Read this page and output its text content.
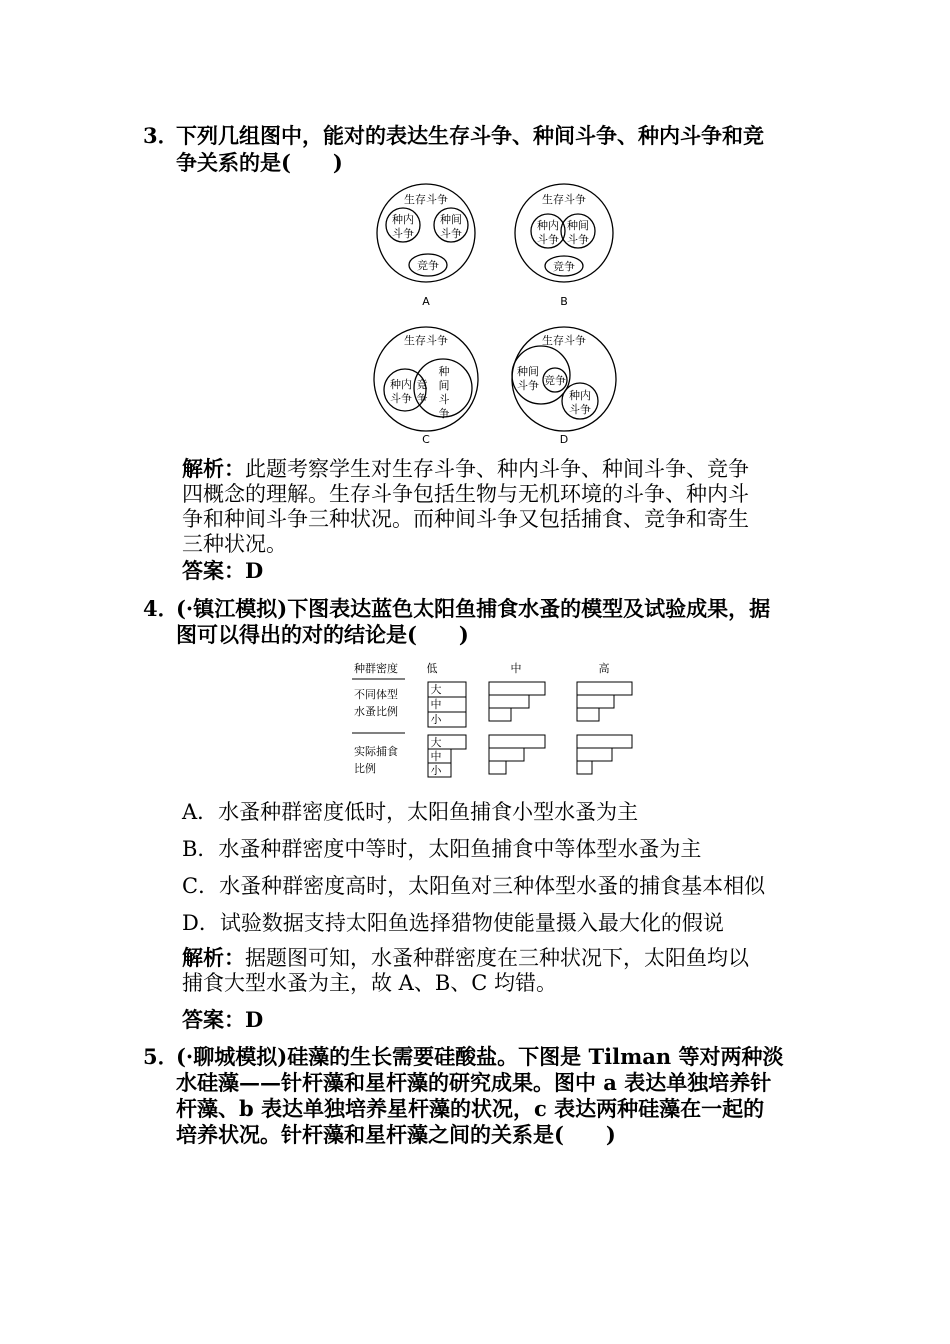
3．
下列几组图中，能对的表达生存斗争、种间斗争、种内斗争和竞
争关系的是(　　)
生存斗争
种内
斗争
种间
斗争
竞争
A
生存斗争
种内
斗争
种间
斗争
竞争
B
生存斗争
种内
斗争
竞
争
种
间
斗
争
C
生存斗争
种间
斗争 竞争
种内
斗争
D
解析：此题考察学生对生存斗争、种内斗争、种间斗争、竞争
四概念的理解。生存斗争包括生物与无机环境的斗争、种内斗
争和种间斗争三种状况。而种间斗争又包括捕食、竞争和寄生
三种状况。
答案：D
4．
(·镇江模拟)下图表达蓝色太阳鱼捕食水蚤的模型及试验成果，据
图可以得出的对的结论是(　　)
种群密度	低	中	高
不同体型
水蚤比例
实际捕食
比例
大
中
小
大
中
小
A．水蚤种群密度低时，太阳鱼捕食小型水蚤为主
B．水蚤种群密度中等时，太阳鱼捕食中等体型水蚤为主
C．水蚤种群密度高时，太阳鱼对三种体型水蚤的捕食基本相似
D．试验数据支持太阳鱼选择猎物使能量摄入最大化的假说
解析：据题图可知，水蚤种群密度在三种状况下，太阳鱼均以
捕食大型水蚤为主，故 A、B、C 均错。
答案：D
5．
(·聊城模拟)硅藻的生长需要硅酸盐。下图是 Tilman 等对两种淡
水硅藻——针杆藻和星杆藻的研究成果。图中 a 表达单独培养针
杆藻、b 表达单独培养星杆藻的状况，c 表达两种硅藻在一起的
培养状况。针杆藻和星杆藻之间的关系是(　　)
